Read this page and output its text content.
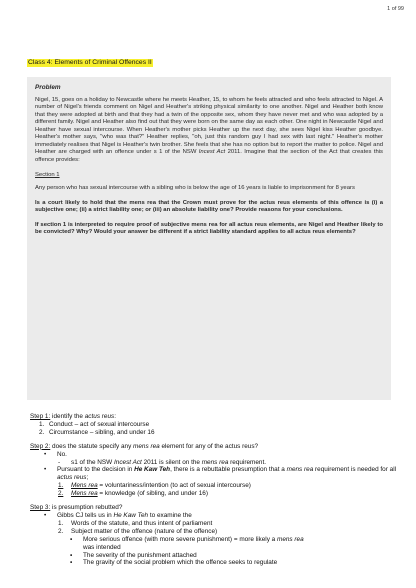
1 of 99
Class 4: Elements of Criminal Offences II
Problem

Nigel, 15, goes on a holiday to Newcastle where he meets Heather, 15, to whom he feels attracted and who feels attracted to Nigel. A number of Nigel's friends comment on Nigel and Heather's striking physical similarity to one another. Nigel and Heather both know that they were adopted at birth and that they had a twin of the opposite sex, whom they have never met and who was adopted by a different family. Nigel and Heather also find out that they were born on the same day as each other. One night in Newcastle Nigel and Heather have sexual intercourse. When Heather's mother picks Heather up the next day, she sees Nigel kiss Heather goodbye. Heather's mother says, "who was that?" Heather replies, "oh, just this random guy I had sex with last night." Heather's mother immediately realises that Nigel is Heather's twin brother. She feels that she has no option but to report the matter to police. Nigel and Heather are charged with an offence under s 1 of the NSW Incest Act 2011. Imagine that the section of the Act that creates this offence provides:

Section 1

Any person who has sexual intercourse with a sibling who is below the age of 16 years is liable to imprisonment for 8 years

Is a court likely to hold that the mens rea that the Crown must prove for the actus reus elements of this offence is (i) a subjective one; (ii) a strict liability one; or (iii) an absolute liability one? Provide reasons for your conclusions.

If section 1 is interpreted to require proof of subjective mens rea for all actus reus elements, are Nigel and Heather likely to be convicted? Why? Would your answer be different if a strict liability standard applies to all actus reus elements?

Step 1: identify the actus reus:

1. Conduct – act of sexual intercourse
2. Circumstance – sibling, and under 16

Step 2: does the statute specify any mens rea element for any of the actus reus?

•	No.
-	s1 of the NSW Incest Act 2011 is silent on the mens rea requirement.
•	Pursuant to the decision in He Kaw Teh, there is a rebuttable presumption that a mens rea requirement is needed for all actus reus;
1.	Mens rea = voluntariness/intention (to act of sexual intercourse)
2.	Mens rea = knowledge (of sibling, and under 16)

Step 3: is presumption rebutted?

•	Gibbs CJ tells us in He Kaw Teh to examine the
1.	Words of the statute, and thus intent of parliament
2.	Subject matter of the offence (nature of the offence)
▪	More serious offence (with more severe punishment) = more likely a mens rea
was intended
▪	The severity of the punishment attached
▪	The gravity of the social problem which the offence seeks to regulate
